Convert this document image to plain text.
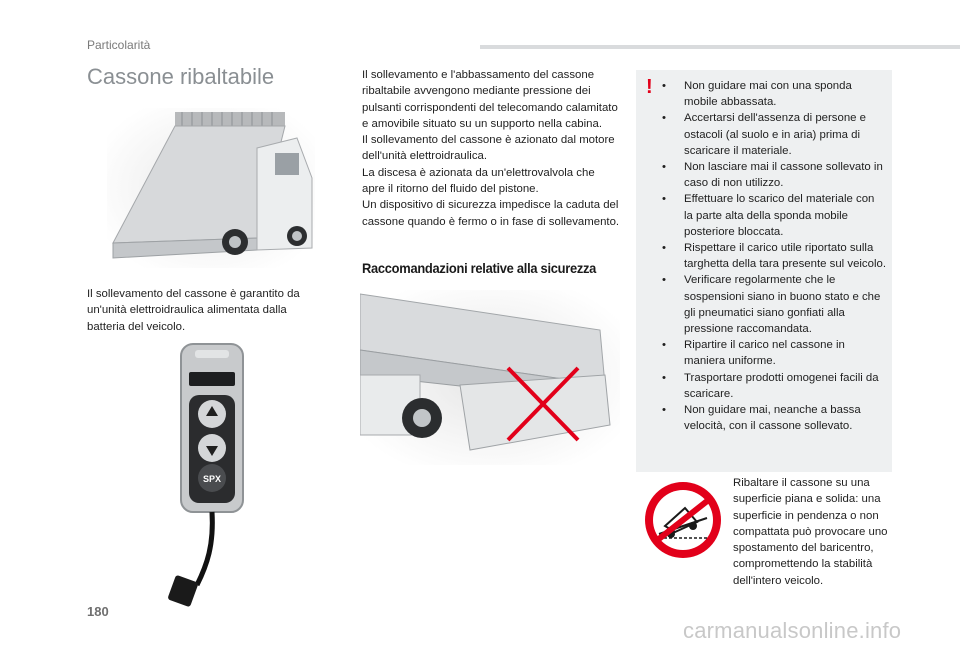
Particolarità
Cassone ribaltabile

Il sollevamento del cassone è garantito da un'unità elettroidraulica alimentata dalla batteria del veicolo.

SPX

Il sollevamento e l'abbassamento del cassone ribaltabile avvengono mediante pressione dei pulsanti corrispondenti del telecomando calamitato e amovibile situato su un supporto nella cabina.

Il sollevamento del cassone è azionato dal motore dell'unità elettroidraulica.

La discesa è azionata da un'elettrovalvola che apre il ritorno del fluido del pistone.

Un dispositivo di sicurezza impedisce la caduta del cassone quando è fermo o in fase di sollevamento.

Raccomandazioni relative alla sicurezza
! • Non guidare mai con una sponda mobile abbassata.
• Accertarsi dell'assenza di persone e ostacoli (al suolo e in aria) prima di scaricare il materiale.
• Non lasciare mai il cassone sollevato in caso di non utilizzo.
• Effettuare lo scarico del materiale con la parte alta della sponda mobile posteriore bloccata.
• Rispettare il carico utile riportato sulla targhetta della tara presente sul veicolo.
• Verificare regolarmente che le sospensioni siano in buono stato e che gli pneumatici siano gonfiati alla pressione raccomandata.
• Ripartire il carico nel cassone in maniera uniforme.
• Trasportare prodotti omogenei facili da scaricare.
• Non guidare mai, neanche a bassa velocità, con il cassone sollevato.
Ribaltare il cassone su una superficie piana e solida: una superficie in pendenza o non compattata può provocare uno spostamento del baricentro, compromettendo la stabilità dell'intero veicolo.
180
carmanualsonline.info
